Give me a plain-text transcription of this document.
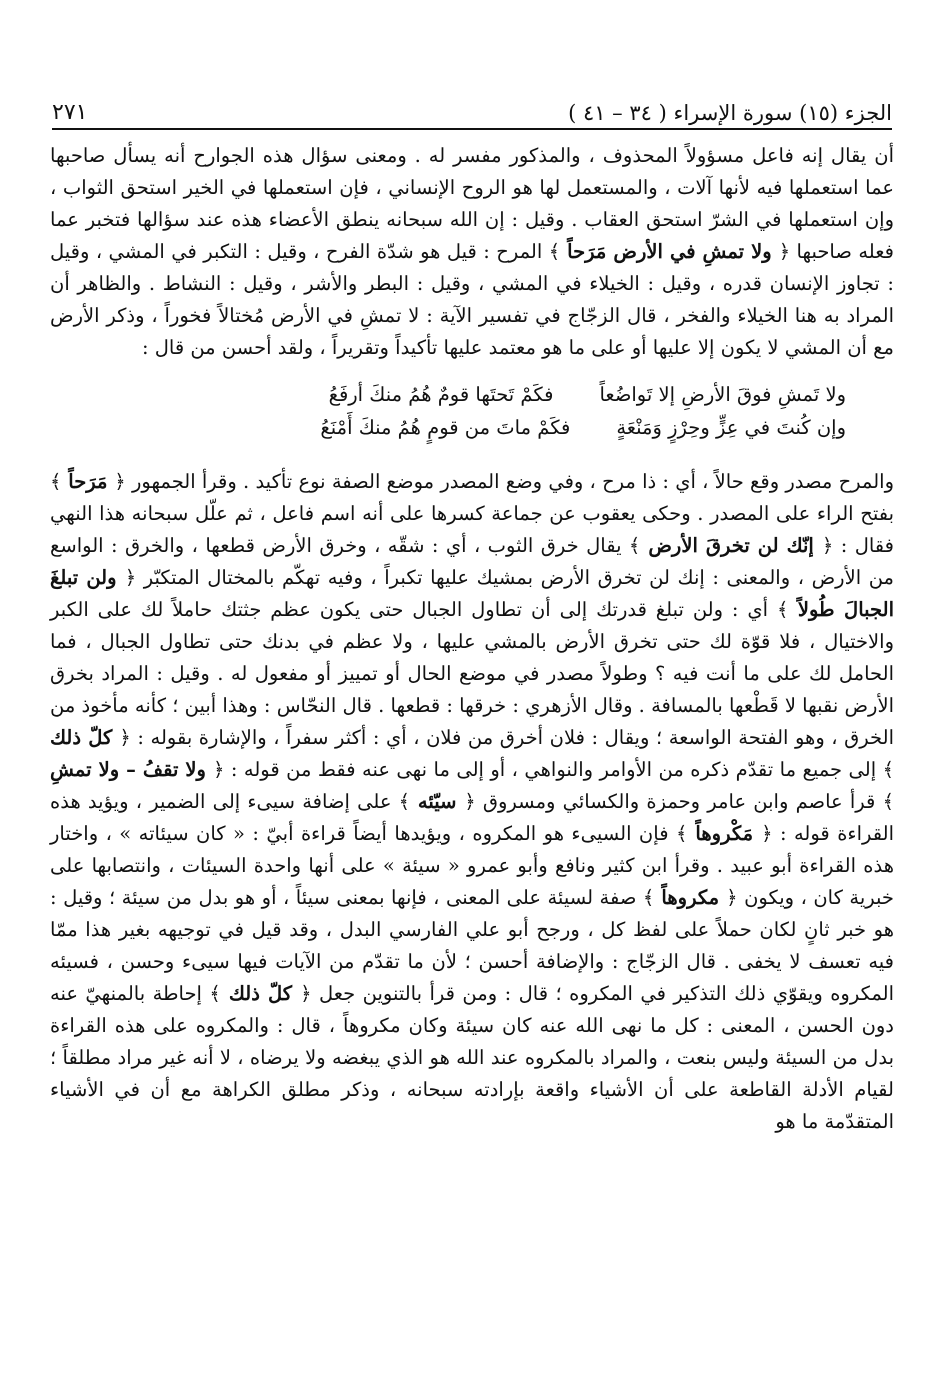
الجزء (١٥) سورة الإسراء ( ٣٤ – ٤١ )
٢٧١

أن يقال إنه فاعل مسؤولاً المحذوف ، والمذكور مفسر له . ومعنى سؤال هذه الجوارح أنه يسأل صاحبها عما استعملها فيه لأنها آلات ، والمستعمل لها هو الروح الإنساني ، فإن استعملها في الخير استحق الثواب ، وإن استعملها في الشرّ استحق العقاب . وقيل : إن الله سبحانه ينطق الأعضاء هذه عند سؤالها فتخبر عما فعله صاحبها ﴿ ولا تمشِ في الأرض مَرَحاً ﴾ المرح : قيل هو شدّة الفرح ، وقيل : التكبر في المشي ، وقيل : تجاوز الإنسان قدره ، وقيل : الخيلاء في المشي ، وقيل : البطر والأشر ، وقيل : النشاط . والظاهر أن المراد به هنا الخيلاء والفخر ، قال الزجّاج في تفسير الآية : لا تمشِ في الأرض مُختالاً فخوراً ، وذكر الأرض مع أن المشي لا يكون إلا عليها أو على ما هو معتمد عليها تأكيداً وتقريراً ، ولقد أحسن من قال :

ولا تَمشِ فوقَ الأرضِ إلا تَواضُعاً
فكَمْ تَحتَها قومٌ هُمُ منكَ أرفَعُ
وإن كُنتَ في عِزٍّ وحِرْزٍ وَمَنْعَةٍ
فكَمْ ماتَ من قومٍ هُمُ منكَ أَمْنَعُ

والمرح مصدر وقع حالاً ، أي : ذا مرح ، وفي وضع المصدر موضع الصفة نوع تأكيد . وقرأ الجمهور ﴿ مَرَحاً ﴾ بفتح الراء على المصدر . وحكى يعقوب عن جماعة كسرها على أنه اسم فاعل ، ثم علّل سبحانه هذا النهي فقال : ﴿ إنّك لن تخرقَ الأرض ﴾ يقال خرق الثوب ، أي : شقّه ، وخرق الأرض قطعها ، والخرق : الواسع من الأرض ، والمعنى : إنك لن تخرق الأرض بمشيك عليها تكبراً ، وفيه تهكّم بالمختال المتكبّر ﴿ ولن تبلغَ الجبالَ طُولاً ﴾ أي : ولن تبلغ قدرتك إلى أن تطاول الجبال حتى يكون عظم جثتك حاملاً لك على الكبر والاختيال ، فلا قوّة لك حتى تخرق الأرض بالمشي عليها ، ولا عظم في بدنك حتى تطاول الجبال ، فما الحامل لك على ما أنت فيه ؟ وطولاً مصدر في موضع الحال أو تمييز أو مفعول له . وقيل : المراد بخرق الأرض نقبها لا قَطْعها بالمسافة . وقال الأزهري : خرقها : قطعها . قال النحّاس : وهذا أبين ؛ كأنه مأخوذ من الخرق ، وهو الفتحة الواسعة ؛ ويقال : فلان أخرق من فلان ، أي : أكثر سفراً ، والإشارة بقوله : ﴿ كلّ ذلك ﴾ إلى جميع ما تقدّم ذكره من الأوامر والنواهي ، أو إلى ما نهى عنه فقط من قوله : ﴿ ولا تقفُ – ولا تمشِ ﴾ قرأ عاصم وابن عامر وحمزة والكسائي ومسروق ﴿ سيّئه ﴾ على إضافة سيىء إلى الضمير ، ويؤيد هذه القراءة قوله : ﴿ مَكْروهاً ﴾ فإن السيىء هو المكروه ، ويؤيدها أيضاً قراءة أبيّ : « كان سيئاته » ، واختار هذه القراءة أبو عبيد . وقرأ ابن كثير ونافع وأبو عمرو « سيئة » على أنها واحدة السيئات ، وانتصابها على خبرية كان ، ويكون ﴿ مكروهاً ﴾ صفة لسيئة على المعنى ، فإنها بمعنى سيئاً ، أو هو بدل من سيئة ؛ وقيل : هو خبر ثانٍ لكان حملاً على لفظ كل ، ورجح أبو علي الفارسي البدل ، وقد قيل في توجيهه بغير هذا ممّا فيه تعسف لا يخفى . قال الزجّاج : والإضافة أحسن ؛ لأن ما تقدّم من الآيات فيها سيىء وحسن ، فسيئه المكروه ويقوّي ذلك التذكير في المكروه ؛ قال : ومن قرأ بالتنوين جعل ﴿ كلّ ذلك ﴾ إحاطة بالمنهيّ عنه دون الحسن ، المعنى : كل ما نهى الله عنه كان سيئة وكان مكروهاً ، قال : والمكروه على هذه القراءة بدل من السيئة وليس بنعت ، والمراد بالمكروه عند الله هو الذي يبغضه ولا يرضاه ، لا أنه غير مراد مطلقاً ؛ لقيام الأدلة القاطعة على أن الأشياء واقعة بإرادته سبحانه ، وذكر مطلق الكراهة مع أن في الأشياء المتقدّمة ما هو
